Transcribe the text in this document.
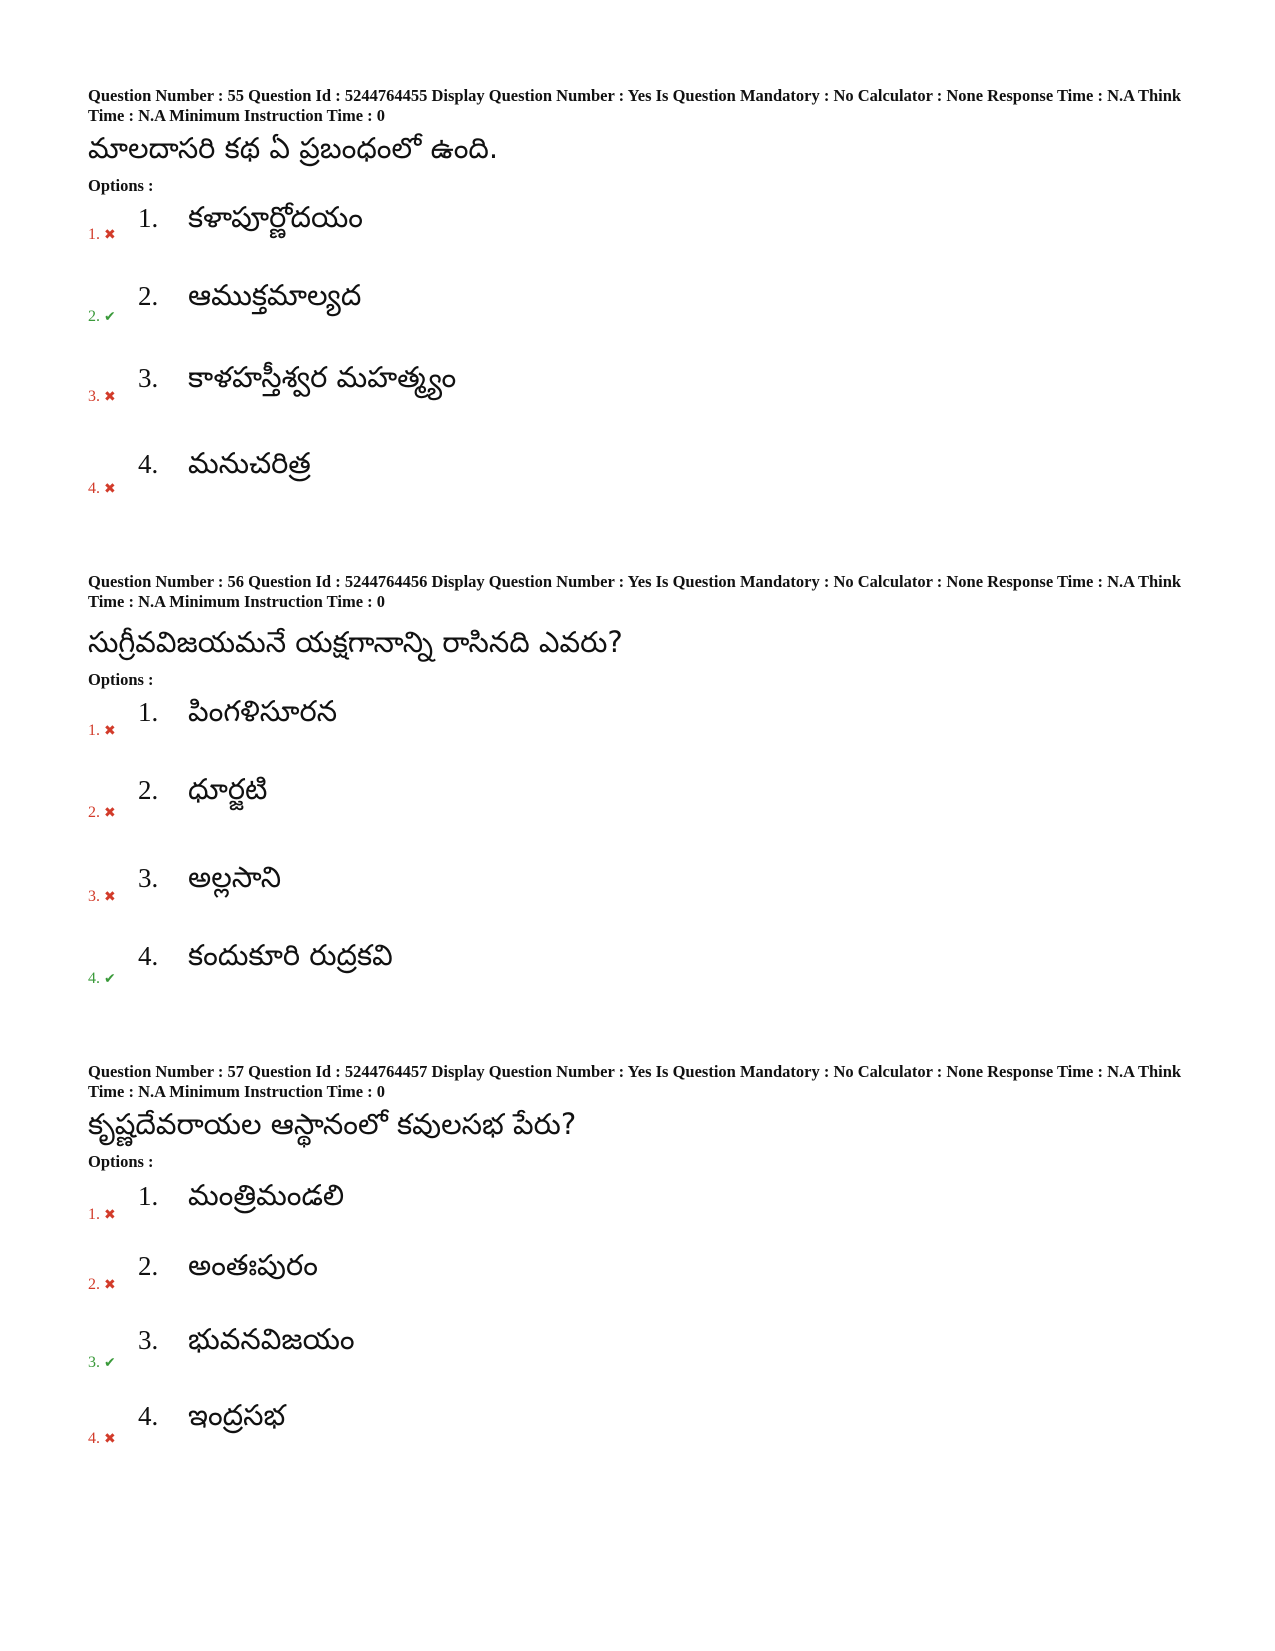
Question Number : 55 Question Id : 5244764455 Display Question Number : Yes Is Question Mandatory : No Calculator : None Response Time : N.A Think Time : N.A Minimum Instruction Time : 0
మాలదాసరి కథ ఏ ప్రబంధంలో ఉంది.
Options :
1. ✖
1. కళాపూర్ణోదయం
2. ✔
2. ఆముక్తమాల్యద
3. ✖
3. కాళహస్తీశ్వర మహత్మ్యం
4. ✖
4. మనుచరిత్ర
Question Number : 56 Question Id : 5244764456 Display Question Number : Yes Is Question Mandatory : No Calculator : None Response Time : N.A Think Time : N.A Minimum Instruction Time : 0
సుగ్రీవవిజయమనే యక్షగానాన్ని రాసినది ఎవరు?
Options :
1. ✖
1. పింగళిసూరన
2. ✖
2. ధూర్జటి
3. ✖
3. అల్లసాని
4. ✔
4. కందుకూరి రుద్రకవి
Question Number : 57 Question Id : 5244764457 Display Question Number : Yes Is Question Mandatory : No Calculator : None Response Time : N.A Think Time : N.A Minimum Instruction Time : 0
కృష్ణదేవరాయల ఆస్థానంలో కవులసభ పేరు?
Options :
1. ✖
1. మంత్రిమండలి
2. ✖
2. అంతఃపురం
3. ✔
3. భువనవిజయం
4. ✖
4. ఇంద్రసభ
